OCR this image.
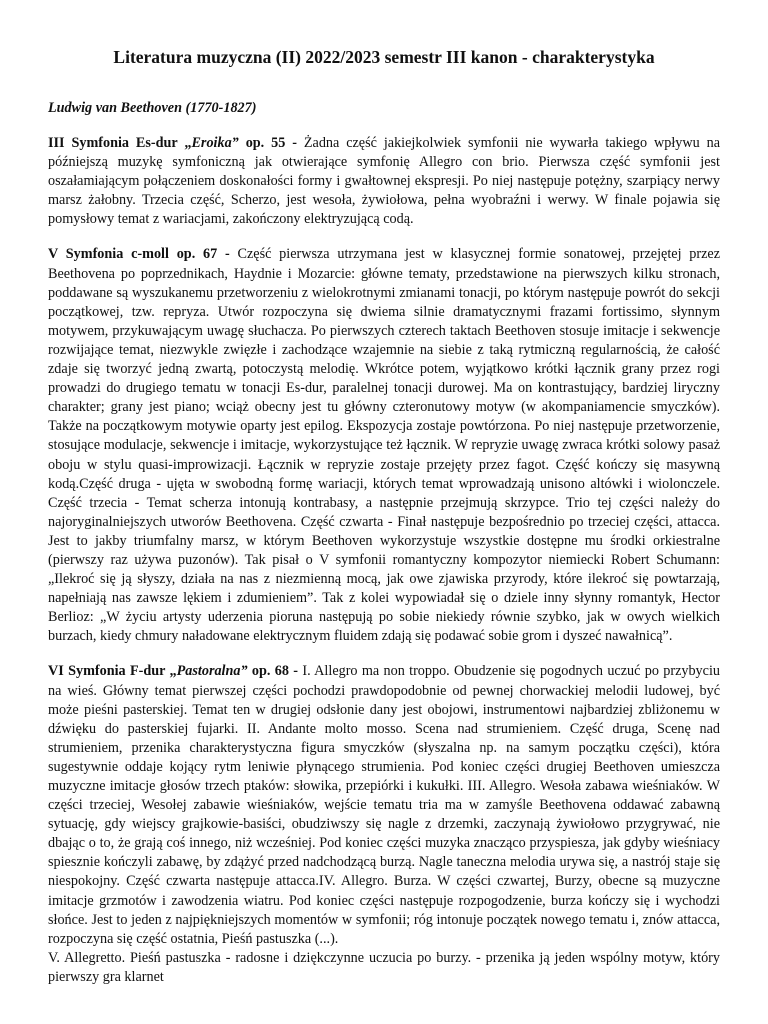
Literatura muzyczna (II) 2022/2023 semestr III kanon - charakterystyka
Ludwig van Beethoven (1770-1827)

III Symfonia Es-dur „Eroika” op. 55 - Żadna część jakiejkolwiek symfonii nie wywarła takiego wpływu na późniejszą muzykę symfoniczną jak otwierające symfonię Allegro con brio. Pierwsza część symfonii jest oszałamiającym połączeniem doskonałości formy i gwałtownej ekspresji. Po niej następuje potężny, szarpiący nerwy marsz żałobny. Trzecia część, Scherzo, jest wesoła, żywiołowa, pełna wyobraźni i werwy. W finale pojawia się pomysłowy temat z wariacjami, zakończony elektryzującą codą.

V Symfonia c-moll op. 67 - Część pierwsza utrzymana jest w klasycznej formie sonatowej, przejętej przez Beethovena po poprzednikach, Haydnie i Mozarcie: główne tematy, przedstawione na pierwszych kilku stronach, poddawane są wyszukanemu przetworzeniu z wielokrotnymi zmianami tonacji, po którym następuje powrót do sekcji początkowej, tzw. repryza. Utwór rozpoczyna się dwiema silnie dramatycznymi frazami fortissimo, słynnym motywem, przykuwającym uwagę słuchacza. Po pierwszych czterech taktach Beethoven stosuje imitacje i sekwencje rozwijające temat, niezwykle zwięzłe i zachodzące wzajemnie na siebie z taką rytmiczną regularnością, że całość zdaje się tworzyć jedną zwartą, potoczystą melodię. Wkrótce potem, wyjątkowo krótki łącznik grany przez rogi prowadzi do drugiego tematu w tonacji Es-dur, paralelnej tonacji durowej. Ma on kontrastujący, bardziej liryczny charakter; grany jest piano; wciąż obecny jest tu główny czteronutowy motyw (w akompaniamencie smyczków). Także na początkowym motywie oparty jest epilog. Ekspozycja zostaje powtórzona. Po niej następuje przetworzenie, stosujące modulacje, sekwencje i imitacje, wykorzystujące też łącznik. W repryzie uwagę zwraca krótki solowy pasaż oboju w stylu quasi-improwizacji. Łącznik w repryzie zostaje przejęty przez fagot. Część kończy się masywną kodą.Część druga - ujęta w swobodną formę wariacji, których temat wprowadzają unisono altówki i wiolonczele. Część trzecia - Temat scherza intonują kontrabasy, a następnie przejmują skrzypce. Trio tej części należy do najoryginalniejszych utworów Beethovena. Część czwarta - Finał następuje bezpośrednio po trzeciej części, attacca. Jest to jakby triumfalny marsz, w którym Beethoven wykorzystuje wszystkie dostępne mu środki orkiestralne (pierwszy raz używa puzonów). Tak pisał o V symfonii romantyczny kompozytor niemiecki Robert Schumann: „Ilekroć się ją słyszy, działa na nas z niezmienną mocą, jak owe zjawiska przyrody, które ilekroć się powtarzają, napełniają nas zawsze lękiem i zdumieniem”. Tak z kolei wypowiadał się o dziele inny słynny romantyk, Hector Berlioz: „W życiu artysty uderzenia pioruna następują po sobie niekiedy równie szybko, jak w owych wielkich burzach, kiedy chmury naładowane elektrycznym fluidem zdają się podawać sobie grom i dyszeć nawałnicą”.

VI Symfonia F-dur „Pastoralna” op. 68 - I. Allegro ma non troppo. Obudzenie się pogodnych uczuć po przybyciu na wieś. Główny temat pierwszej części pochodzi prawdopodobnie od pewnej chorwackiej melodii ludowej, być może pieśni pasterskiej. Temat ten w drugiej odsłonie dany jest obojowi, instrumentowi najbardziej zbliżonemu w dźwięku do pasterskiej fujarki. II. Andante molto mosso. Scena nad strumieniem. Część druga, Scenę nad strumieniem, przenika charakterystyczna figura smyczków (słyszalna np. na samym początku części), która sugestywnie oddaje kojący rytm leniwie płynącego strumienia. Pod koniec części drugiej Beethoven umieszcza muzyczne imitacje głosów trzech ptaków: słowika, przepiórki i kukułki. III. Allegro. Wesoła zabawa wieśniaków. W części trzeciej, Wesołej zabawie wieśniaków, wejście tematu tria ma w zamyśle Beethovena oddawać zabawną sytuację, gdy wiejscy grajkowie-basiści, obudziwszy się nagle z drzemki, zaczynają żywiołowo przygrywać, nie dbając o to, że grają coś innego, niż wcześniej. Pod koniec części muzyka znacząco przyspiesza, jak gdyby wieśniacy spiesznie kończyli zabawę, by zdążyć przed nadchodzącą burzą. Nagle taneczna melodia urywa się, a nastrój staje się niespokojny. Część czwarta następuje attacca.IV. Allegro. Burza. W części czwartej, Burzy, obecne są muzyczne imitacje grzmotów i zawodzenia wiatru. Pod koniec części następuje rozpogodzenie, burza kończy się i wychodzi słońce. Jest to jeden z najpiękniejszych momentów w symfonii; róg intonuje początek nowego tematu i, znów attacca, rozpoczyna się część ostatnia, Pieśń pastuszka (...).

V. Allegretto. Pieśń pastuszka - radosne i dziękczynne uczucia po burzy. - przenika ją jeden wspólny motyw, który pierwszy gra klarnet
